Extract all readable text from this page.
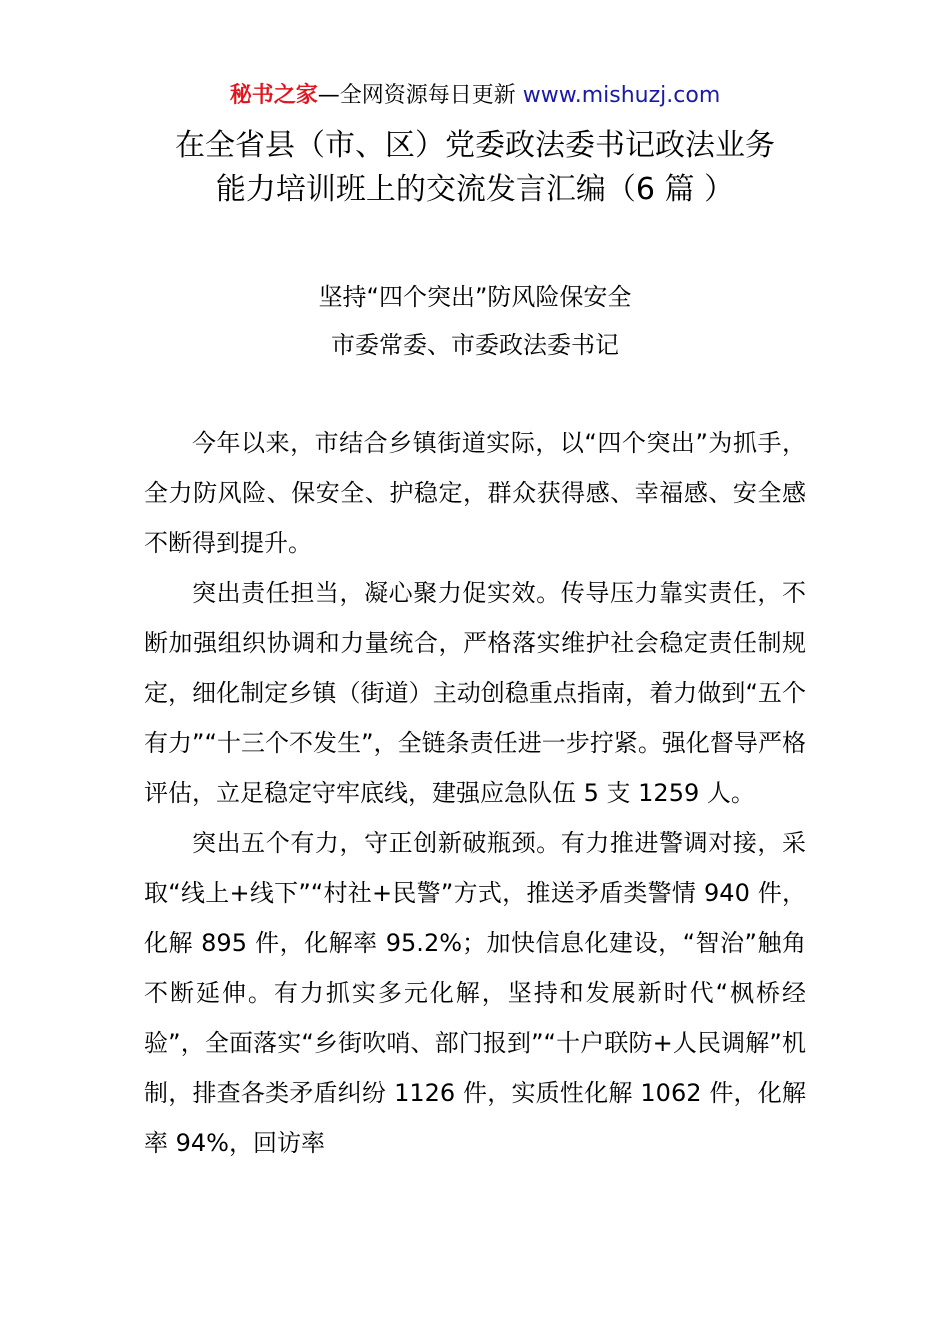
秘书之家—全网资源每日更新 www.mishuzj.com
在全省县（市、区）党委政法委书记政法业务
能力培训班上的交流发言汇编（6 篇 ）
坚持“四个突出”防风险保安全
市委常委、市委政法委书记

今年以来，市结合乡镇街道实际，以“四个突出”为抓手，全力防风险、保安全、护稳定，群众获得感、幸福感、安全感不断得到提升。

突出责任担当，凝心聚力促实效。传导压力靠实责任，不断加强组织协调和力量统合，严格落实维护社会稳定责任制规定，细化制定乡镇（街道）主动创稳重点指南，着力做到“五个有力”“十三个不发生”，全链条责任进一步拧紧。强化督导严格评估，立足稳定守牢底线，建强应急队伍 5 支 1259 人。

突出五个有力，守正创新破瓶颈。有力推进警调对接，采取“线上+线下”“村社+民警”方式，推送矛盾类警情 940 件，化解 895 件，化解率 95.2%；加快信息化建设，“智治”触角不断延伸。有力抓实多元化解，坚持和发展新时代“枫桥经验”，全面落实“乡街吹哨、部门报到”“十户联防+人民调解”机制，排查各类矛盾纠纷 1126 件，实质性化解 1062 件，化解率 94%，回访率
